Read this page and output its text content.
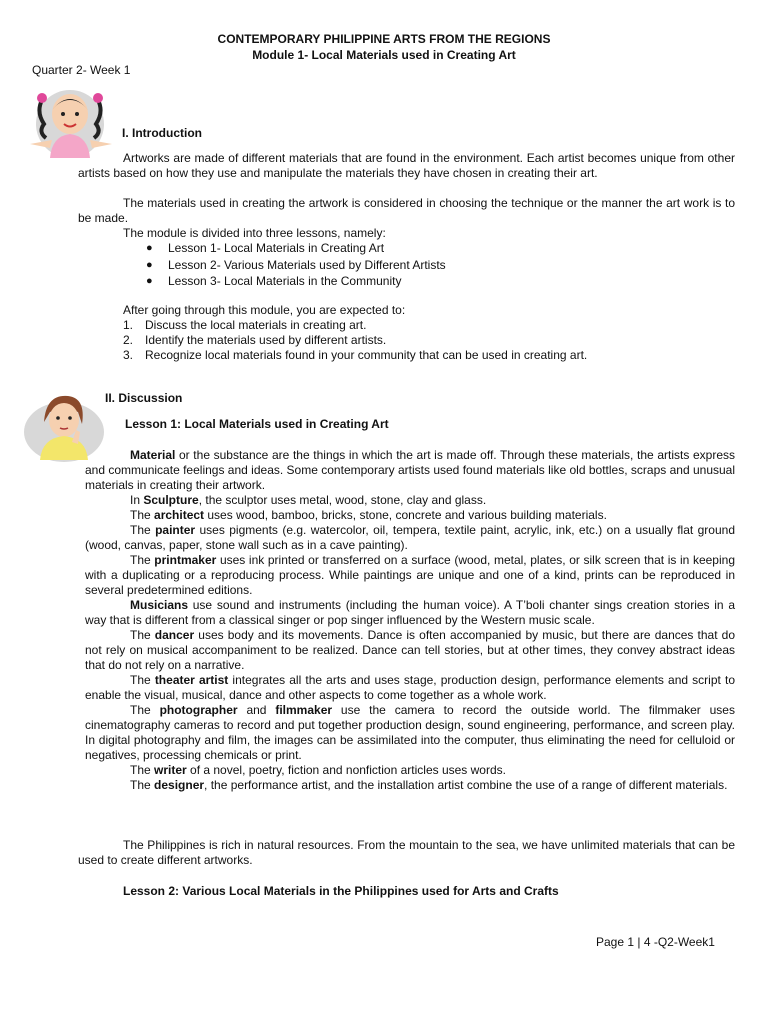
CONTEMPORARY PHILIPPINE ARTS FROM THE REGIONS
Module 1- Local Materials used in Creating Art
Quarter 2- Week 1
I. Introduction
Artworks are made of different materials that are found in the environment. Each artist becomes unique from other artists based on how they use and manipulate the materials they have chosen in creating their art.
The materials used in creating the artwork is considered in choosing the technique or the manner the art work is to be made.
The module is divided into three lessons, namely:
● Lesson 1- Local Materials in Creating Art
● Lesson 2- Various Materials used by Different Artists
● Lesson 3- Local Materials in the Community
After going through this module, you are expected to:
1. Discuss the local materials in creating art.
2. Identify the materials used by different artists.
3. Recognize local materials found in your community that can be used in creating art.
II. Discussion
Lesson 1: Local Materials used in Creating Art
Material or the substance are the things in which the art is made off. Through these materials, the artists express and communicate feelings and ideas. Some contemporary artists used found materials like old bottles, scraps and unusual materials in creating their artwork.
In Sculpture, the sculptor uses metal, wood, stone, clay and glass.
The architect uses wood, bamboo, bricks, stone, concrete and various building materials.
The painter uses pigments (e.g. watercolor, oil, tempera, textile paint, acrylic, ink, etc.) on a usually flat ground (wood, canvas, paper, stone wall such as in a cave painting).
The printmaker uses ink printed or transferred on a surface (wood, metal, plates, or silk screen that is in keeping with a duplicating or a reproducing process. While paintings are unique and one of a kind, prints can be reproduced in several predetermined editions.
Musicians use sound and instruments (including the human voice). A T’boli chanter sings creation stories in a way that is different from a classical singer or pop singer influenced by the Western music scale.
The dancer uses body and its movements. Dance is often accompanied by music, but there are dances that do not rely on musical accompaniment to be realized. Dance can tell stories, but at other times, they convey abstract ideas that do not rely on a narrative.
The theater artist integrates all the arts and uses stage, production design, performance elements and script to enable the visual, musical, dance and other aspects to come together as a whole work.
The photographer and filmmaker use the camera to record the outside world. The filmmaker uses cinematography cameras to record and put together production design, sound engineering, performance, and screen play. In digital photography and film, the images can be assimilated into the computer, thus eliminating the need for celluloid or negatives, processing chemicals or print.
The writer of a novel, poetry, fiction and nonfiction articles uses words.
The designer, the performance artist, and the installation artist combine the use of a range of different materials.
The Philippines is rich in natural resources. From the mountain to the sea, we have unlimited materials that can be used to create different artworks.
Lesson 2: Various Local Materials in the Philippines used for Arts and Crafts
Page 1 | 4 -Q2-Week1
